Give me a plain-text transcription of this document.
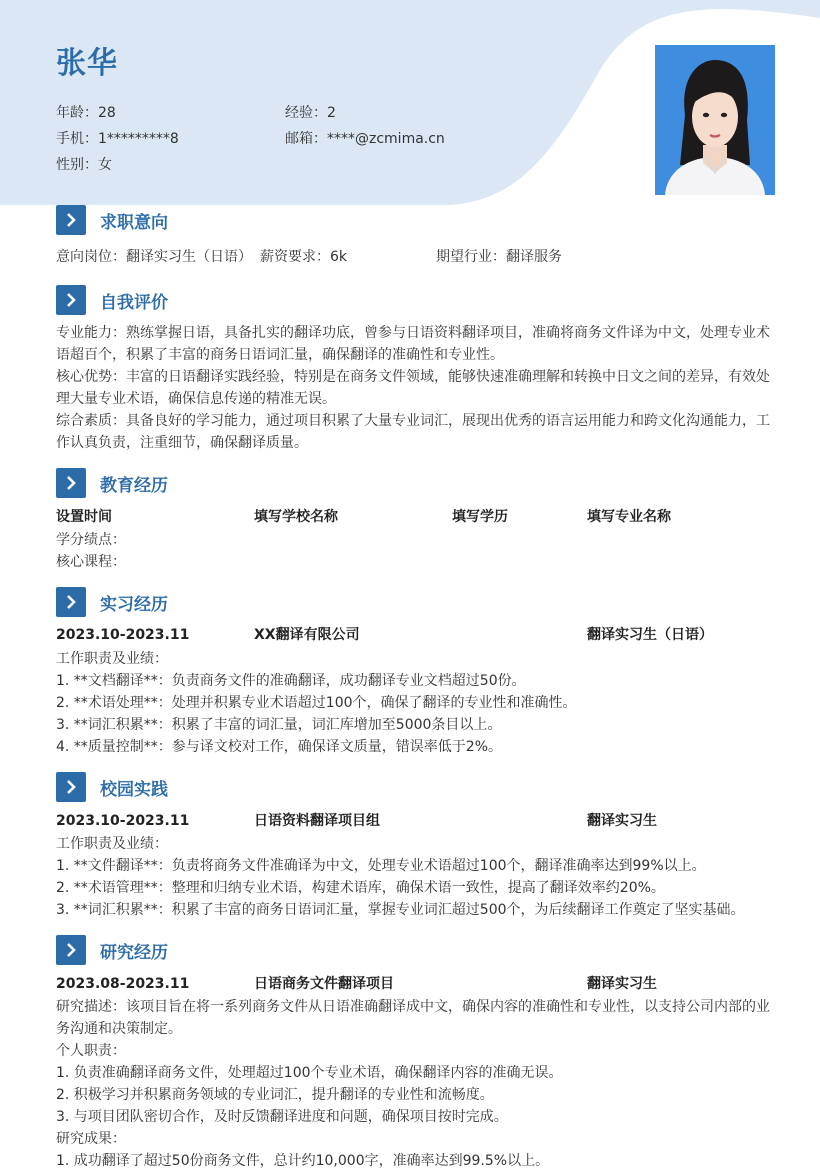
张华
年龄：28	经验：2
手机：1*********8	邮箱：****@zcmima.cn
性别：女
求职意向
意向岗位：翻译实习生（日语） 薪资要求：6k	期望行业：翻译服务
自我评价
专业能力：熟练掌握日语，具备扎实的翻译功底，曾参与日语资料翻译项目，准确将商务文件译为中文，处理专业术语超百个，积累了丰富的商务日语词汇量，确保翻译的准确性和专业性。
核心优势：丰富的日语翻译实践经验，特别是在商务文件领域，能够快速准确理解和转换中日文之间的差异，有效处理大量专业术语，确保信息传递的精准无误。
综合素质：具备良好的学习能力，通过项目积累了大量专业词汇，展现出优秀的语言运用能力和跨文化沟通能力，工作认真负责，注重细节，确保翻译质量。
教育经历
设置时间	填写学校名称	填写学历	填写专业名称
学分绩点：
核心课程：
实习经历
2023.10-2023.11	XX翻译有限公司	翻译实习生（日语）
工作职责及业绩：
1. **文档翻译**：负责商务文件的准确翻译，成功翻译专业文档超过50份。
2. **术语处理**：处理并积累专业术语超过100个，确保了翻译的专业性和准确性。
3. **词汇积累**：积累了丰富的词汇量，词汇库增加至5000条目以上。
4. **质量控制**：参与译文校对工作，确保译文质量，错误率低于2%。
校园实践
2023.10-2023.11	日语资料翻译项目组	翻译实习生
工作职责及业绩：
1. **文件翻译**：负责将商务文件准确译为中文，处理专业术语超过100个，翻译准确率达到99%以上。
2. **术语管理**：整理和归纳专业术语，构建术语库，确保术语一致性，提高了翻译效率约20%。
3. **词汇积累**：积累了丰富的商务日语词汇量，掌握专业词汇超过500个，为后续翻译工作奠定了坚实基础。
研究经历
2023.08-2023.11	日语商务文件翻译项目	翻译实习生
研究描述：该项目旨在将一系列商务文件从日语准确翻译成中文，确保内容的准确性和专业性，以支持公司内部的业务沟通和决策制定。
个人职责：
1. 负责准确翻译商务文件，处理超过100个专业术语，确保翻译内容的准确无误。
2. 积极学习并积累商务领域的专业词汇，提升翻译的专业性和流畅度。
3. 与项目团队密切合作，及时反馈翻译进度和问题，确保项目按时完成。
研究成果：
1. 成功翻译了超过50份商务文件，总计约10,000字，准确率达到99.5%以上。
